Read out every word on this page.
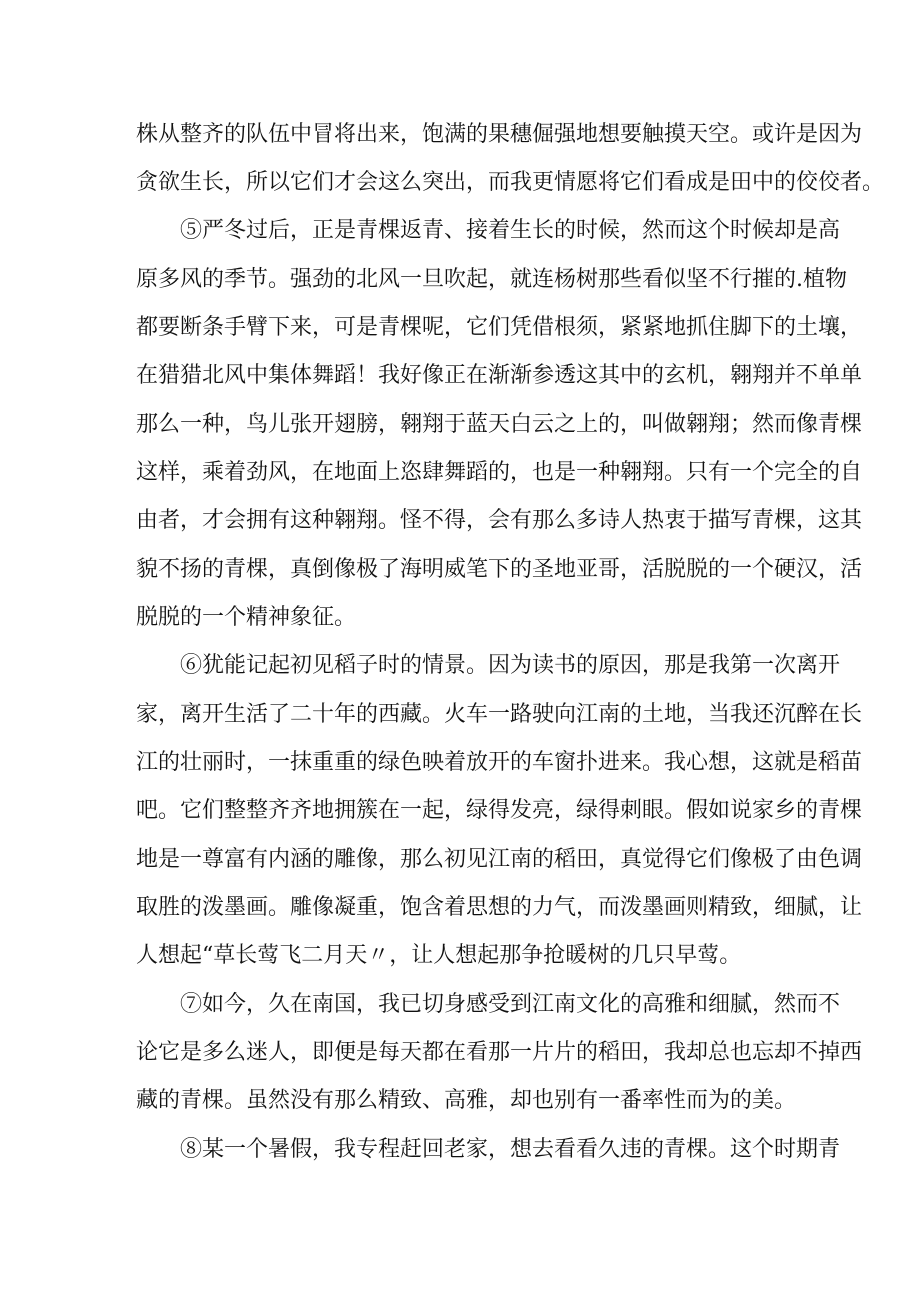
株从整齐的队伍中冒将出来，饱满的果穗倔强地想要触摸天空。或许是因为
贪欲生长，所以它们才会这么突出，而我更情愿将它们看成是田中的佼佼者。
⑤严冬过后，正是青棵返青、接着生长的时候，然而这个时候却是高
原多风的季节。强劲的北风一旦吹起，就连杨树那些看似坚不行摧的.植物
都要断条手臂下来，可是青棵呢，它们凭借根须，紧紧地抓住脚下的土壤，
在猎猎北风中集体舞蹈！我好像正在渐渐参透这其中的玄机，翱翔并不单单
那么一种，鸟儿张开翅膀，翱翔于蓝天白云之上的，叫做翱翔；然而像青棵
这样，乘着劲风，在地面上恣肆舞蹈的，也是一种翱翔。只有一个完全的自
由者，才会拥有这种翱翔。怪不得，会有那么多诗人热衷于描写青棵，这其
貌不扬的青棵，真倒像极了海明威笔下的圣地亚哥，活脱脱的一个硬汉，活
脱脱的一个精神象征。
⑥犹能记起初见稻子时的情景。因为读书的原因，那是我第一次离开
家，离开生活了二十年的西藏。火车一路驶向江南的土地，当我还沉醉在长
江的壮丽时，一抹重重的绿色映着放开的车窗扑进来。我心想，这就是稻苗
吧。它们整整齐齐地拥簇在一起，绿得发亮，绿得刺眼。假如说家乡的青棵
地是一尊富有内涵的雕像，那么初见江南的稻田，真觉得它们像极了由色调
取胜的泼墨画。雕像凝重，饱含着思想的力气，而泼墨画则精致，细腻，让
人想起“草长莺飞二月天〃，让人想起那争抢暖树的几只早莺。
⑦如今，久在南国，我已切身感受到江南文化的高雅和细腻，然而不
论它是多么迷人，即便是每天都在看那一片片的稻田，我却总也忘却不掉西
藏的青棵。虽然没有那么精致、高雅，却也别有一番率性而为的美。
⑧某一个暑假，我专程赶回老家，想去看看久违的青棵。这个时期青
